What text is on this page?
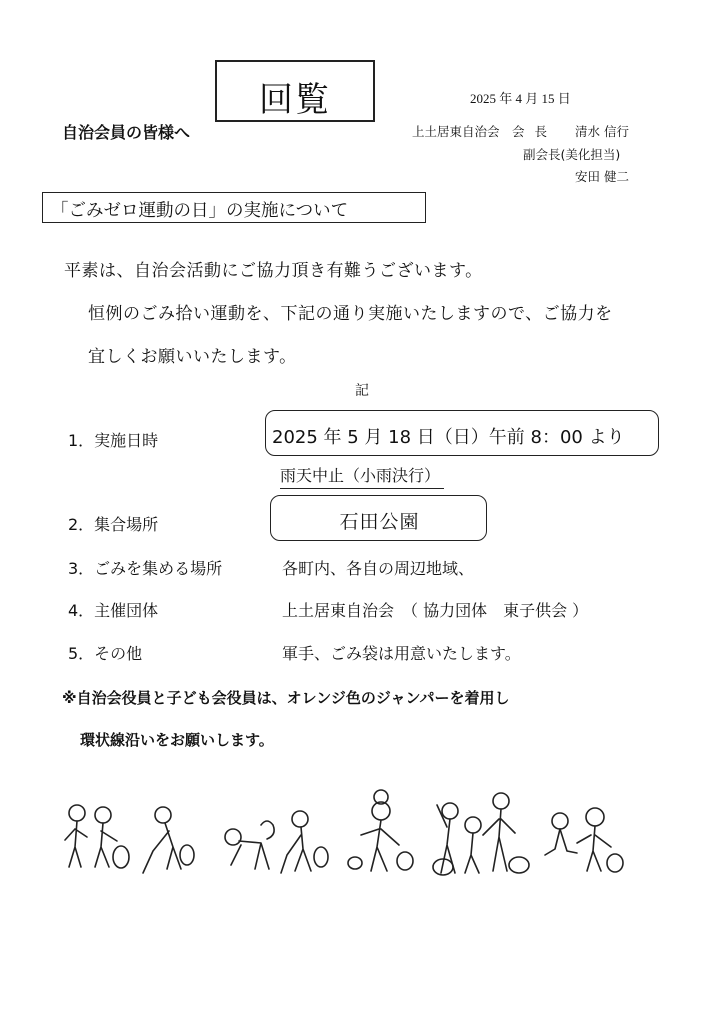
回覧	2025 年 4 月 15 日
自治会員の皆様へ	上土居東自治会 会 長 清水 信行
副会長(美化担当)
安田 健二
「ごみゼロ運動の日」の実施について
平素は、自治会活動にご協力頂き有難うございます。
恒例のごみ拾い運動を、下記の通り実施いたしますので、ご協力を
宜しくお願いいたします。
記
1．実施日時	2025 年 5 月 18 日（日）午前 8：00 より
雨天中止（小雨決行）
2．集合場所	石田公園
3．ごみを集める場所	各町内、各自の周辺地域、
4．主催団体	上土居東自治会　（ 協力団体　東子供会 ）
5．その他	軍手、ごみ袋は用意いたします。
※自治会役員と子ども会役員は、オレンジ色のジャンパーを着用し
環状線沿いをお願いします。
